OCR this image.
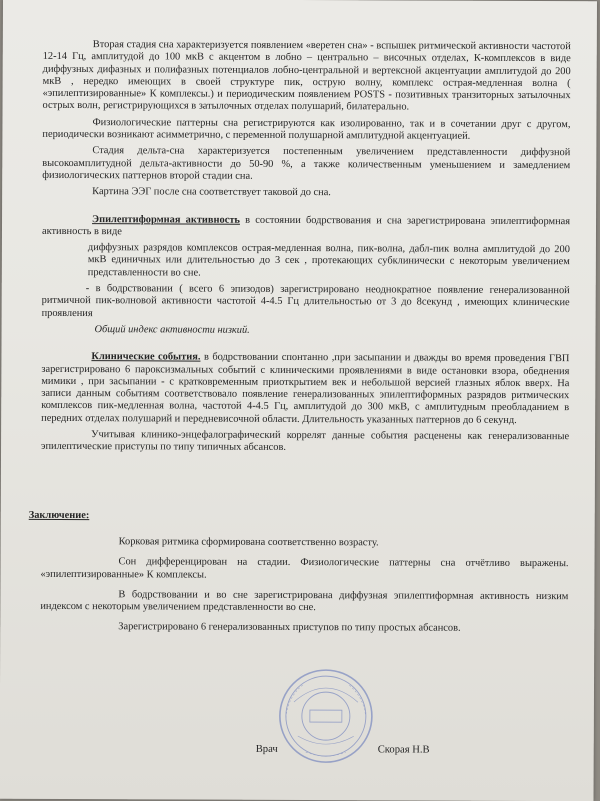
Вторая стадия сна характеризуется появлением «веретен сна» - вспышек ритмической активности частотой 12-14 Гц, амплитудой до 100 мкВ с акцентом в лобно – центрально – височных отделах, К-комплексов в виде диффузных дифазных и полифазных потенциалов лобно-центральной и вертексной акцентуации амплитудой до 200 мкВ , нередко имеющих в своей структуре пик, острую волну, комплекс острая-медленная волна ( «эпилептизированные» К комплексы.) и периодическим появлением POSTS - позитивных транзиторных затылочных острых волн, регистрирующихся в затылочных отделах полушарий, билатерально.

Физиологические паттерны сна регистрируются как изолированно, так и в сочетании друг с другом, периодически возникают асимметрично, с переменной полушарной амплитудной акцентуацией.

Стадия дельта-сна характеризуется постепенным увеличением представленности диффузной высокоамплитудной дельта-активности до 50-90 %, а также количественным уменьшением и замедлением физиологических паттернов второй стадии сна.

Картина ЭЭГ после сна соответствует таковой до сна.

Эпилептиформная активность в состоянии бодрствования и сна зарегистрирована эпилептиформная активность в виде

диффузных разрядов комплексов острая-медленная волна, пик-волна, дабл-пик волна амплитудой до 200 мкВ единичных или длительностью до 3 сек , протекающих субклинически с некоторым увеличением представленности во сне.

- в бодрствовании ( всего 6 эпизодов) зарегистрировано неоднократное появление генерализованной ритмичной пик-волновой активности частотой 4-4.5 Гц длительностью от 3 до 8секунд , имеющих клинические проявления

Общий индекс активности низкий.

Клинические события. в бодрствовании спонтанно ,при засыпании и дважды во время проведения ГВП зарегистрировано 6 пароксизмальных событий с клиническими проявлениями в виде остановки взора, обеднения мимики , при засыпании - с кратковременным приоткрытием век и небольшой версией глазных яблок вверх. На записи данным событиям соответствовало появление генерализованных эпилептиформных разрядов ритмических комплексов пик-медленная волна, частотой 4-4.5 Гц, амплитудой до 300 мкВ, с амплитудным преобладанием в передних отделах полушарий и передневисочной области. Длительность указанных паттернов до 6 секунд.

Учитывая клинико-энцефалографический коррелят данные события расценены как генерализованные эпилептические приступы по типу типичных абсансов.

Заключение:

Корковая ритмика сформирована соответственно возрасту.

Сон дифференцирован на стадии. Физиологические паттерны сна отчётливо выражены. «эпилептизированные» К комплексы.

В бодрствовании и во сне зарегистрирована диффузная эпилептиформная активность низким индексом с некоторым увеличением представленности во сне.

Зарегистрировано 6 генерализованных приступов по типу простых абсансов.

Врач	Скорая Н.В
